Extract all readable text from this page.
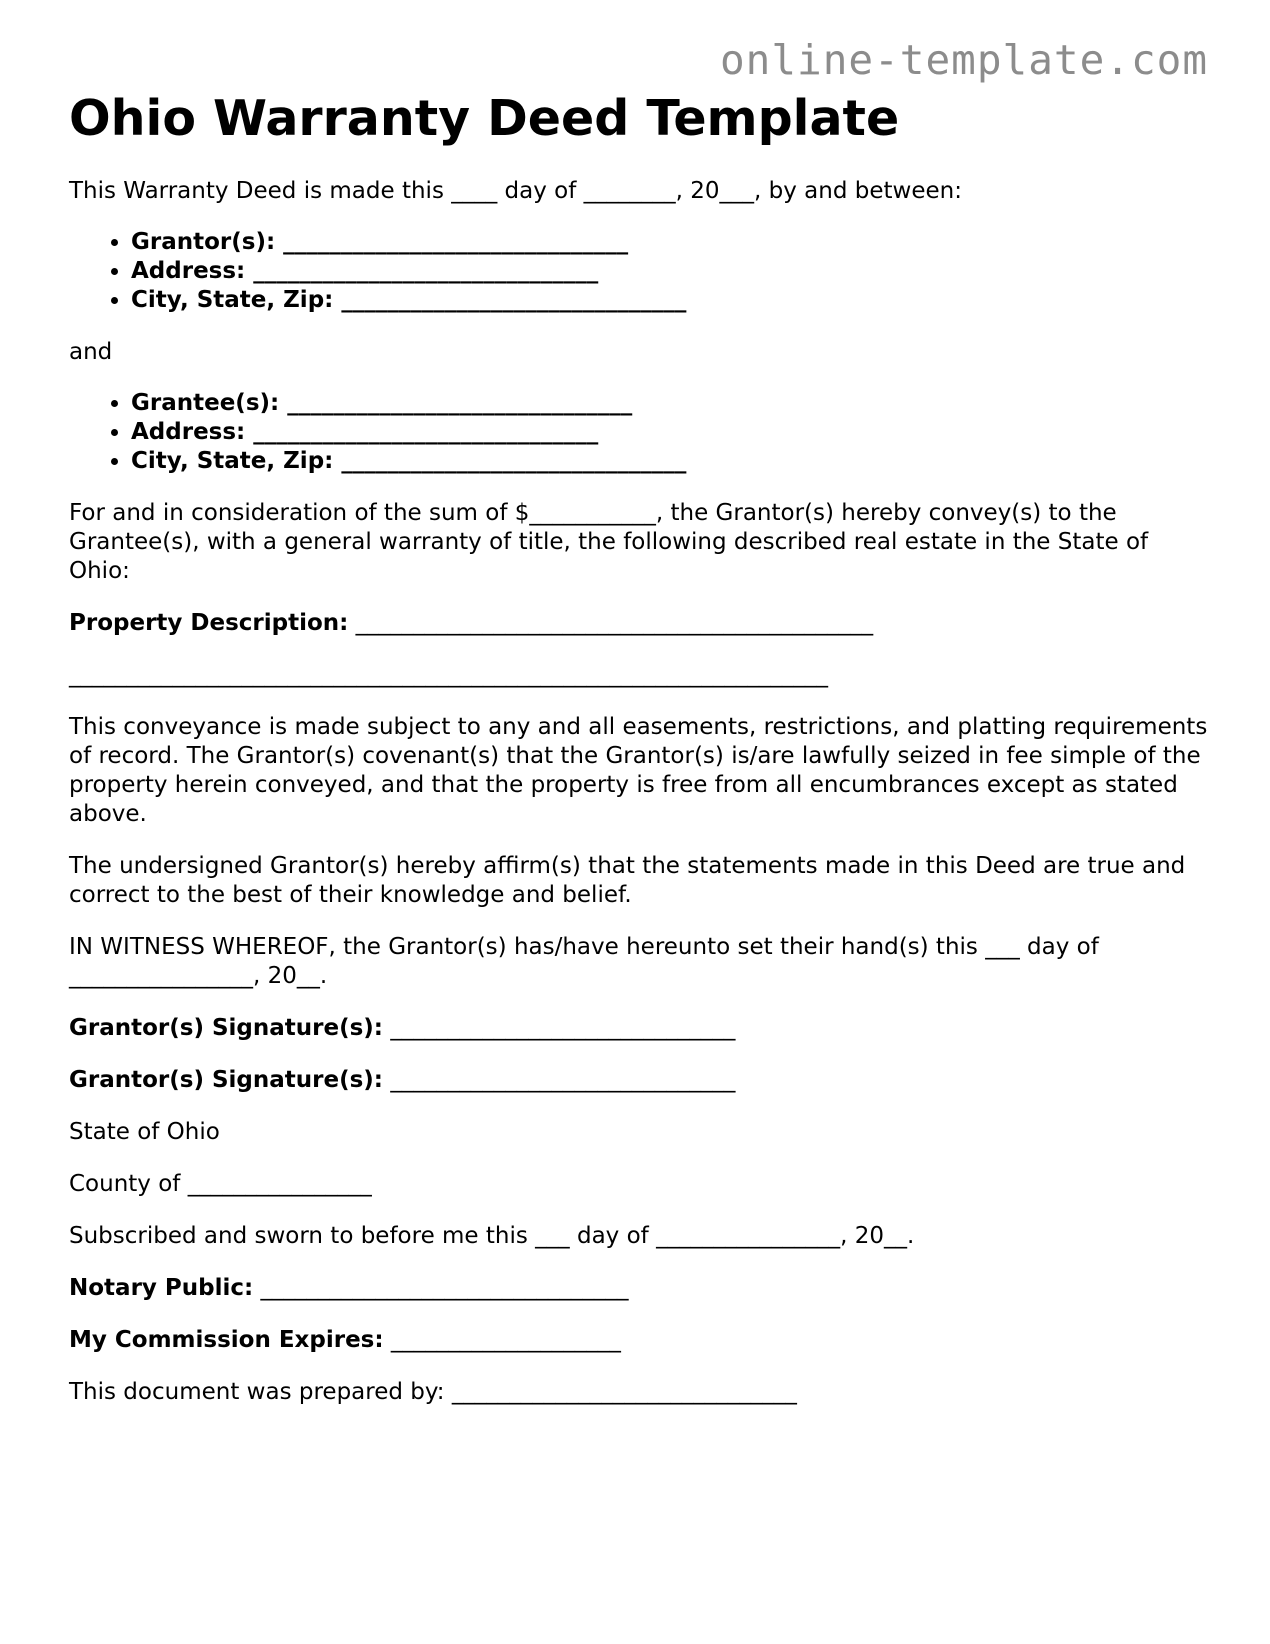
online-template.com
Ohio Warranty Deed Template

This Warranty Deed is made this ____ day of ________, 20___, by and between:

• Grantor(s): ______________________________
• Address: ______________________________
• City, State, Zip: ______________________________

and

• Grantee(s): ______________________________
• Address: ______________________________
• City, State, Zip: ______________________________

For and in consideration of the sum of $___________, the Grantor(s) hereby convey(s) to the Grantee(s), with a general warranty of title, the following described real estate in the State of Ohio:

Property Description: _____________________________________________

__________________________________________________________________

This conveyance is made subject to any and all easements, restrictions, and platting requirements of record. The Grantor(s) covenant(s) that the Grantor(s) is/are lawfully seized in fee simple of the property herein conveyed, and that the property is free from all encumbrances except as stated above.

The undersigned Grantor(s) hereby affirm(s) that the statements made in this Deed are true and correct to the best of their knowledge and belief.

IN WITNESS WHEREOF, the Grantor(s) has/have hereunto set their hand(s) this ___ day of ________________, 20__.

Grantor(s) Signature(s): ______________________________

Grantor(s) Signature(s): ______________________________

State of Ohio

County of ________________

Subscribed and sworn to before me this ___ day of ________________, 20__.

Notary Public: ________________________________

My Commission Expires: ____________________

This document was prepared by: ______________________________
